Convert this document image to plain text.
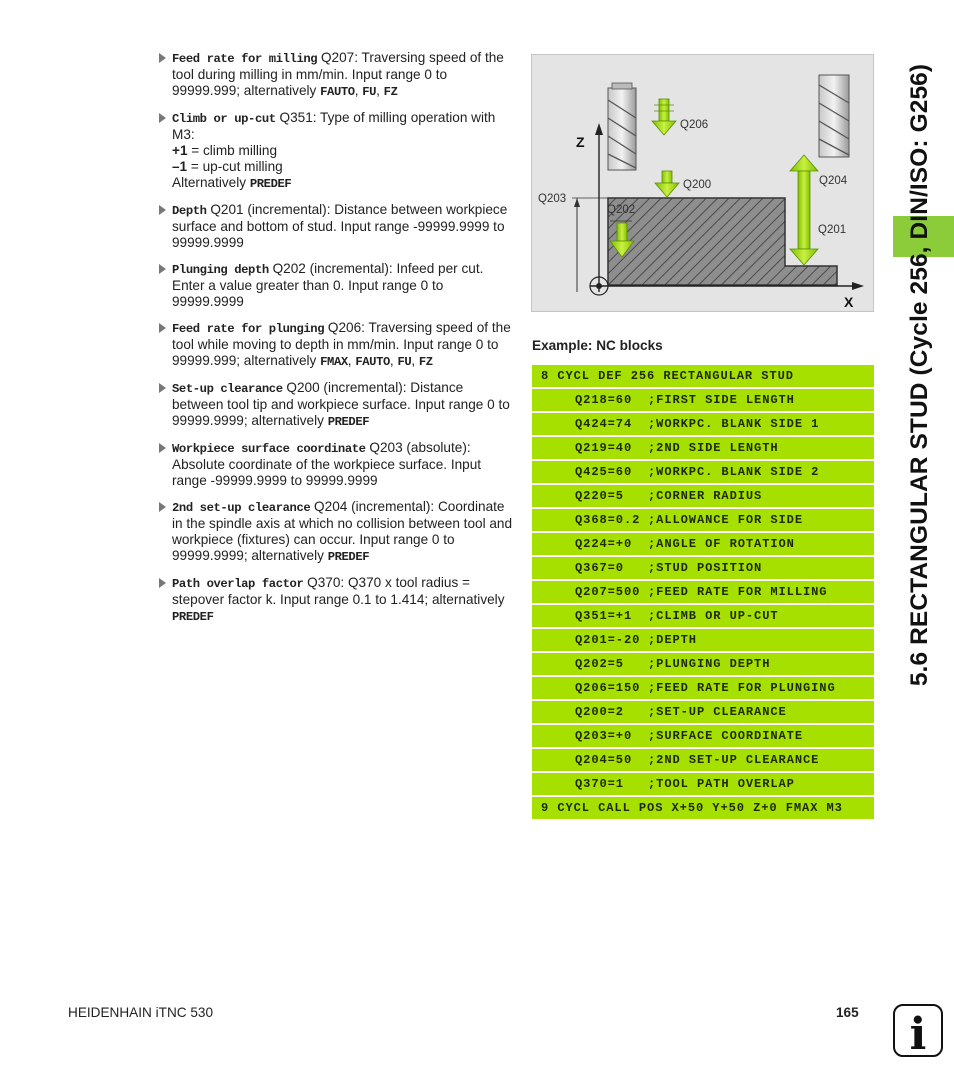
Feed rate for milling Q207: Traversing speed of the tool during milling in mm/min. Input range 0 to 99999.999; alternatively FAUTO, FU, FZ
Climb or up-cut Q351: Type of milling operation with M3:
+1 = climb milling
–1 = up-cut milling
Alternatively PREDEF
Depth Q201 (incremental): Distance between workpiece surface and bottom of stud. Input range -99999.9999 to 99999.9999
Plunging depth Q202 (incremental): Infeed per cut. Enter a value greater than 0. Input range 0 to 99999.9999
Feed rate for plunging Q206: Traversing speed of the tool while moving to depth in mm/min. Input range 0 to 99999.999; alternatively FMAX, FAUTO, FU, FZ
Set-up clearance Q200 (incremental): Distance between tool tip and workpiece surface. Input range 0 to 99999.9999; alternatively PREDEF
Workpiece surface coordinate Q203 (absolute): Absolute coordinate of the workpiece surface. Input range -99999.9999 to 99999.9999
2nd set-up clearance Q204 (incremental): Coordinate in the spindle axis at which no collision between tool and workpiece (fixtures) can occur. Input range 0 to 99999.9999; alternatively PREDEF
Path overlap factor Q370: Q370 x tool radius = stepover factor k. Input range 0.1 to 1.414; alternatively PREDEF
Z
X
Q206
Q200	Q204
Q203
Q202
Q201
Example: NC blocks
8 CYCL DEF 256 RECTANGULAR STUD
Q218=60 ;FIRST SIDE LENGTH
Q424=74 ;WORKPC. BLANK SIDE 1
Q219=40 ;2ND SIDE LENGTH
Q425=60 ;WORKPC. BLANK SIDE 2
Q220=5 ;CORNER RADIUS
Q368=0.2 ;ALLOWANCE FOR SIDE
Q224=+0 ;ANGLE OF ROTATION
Q367=0 ;STUD POSITION
Q207=500 ;FEED RATE FOR MILLING
Q351=+1 ;CLIMB OR UP-CUT
Q201=-20 ;DEPTH
Q202=5 ;PLUNGING DEPTH
Q206=150 ;FEED RATE FOR PLUNGING
Q200=2 ;SET-UP CLEARANCE
Q203=+0 ;SURFACE COORDINATE
Q204=50 ;2ND SET-UP CLEARANCE
Q370=1 ;TOOL PATH OVERLAP
9 CYCL CALL POS X+50 Y+50 Z+0 FMAX M3
5.6 RECTANGULAR STUD (Cycle 256, DIN/ISO: G256)
HEIDENHAIN iTNC 530	165 i
